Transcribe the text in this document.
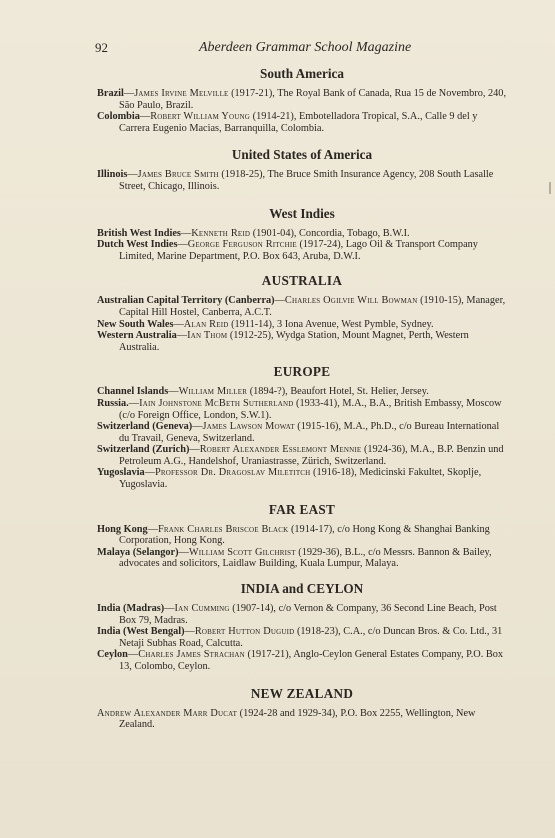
92	Aberdeen Grammar School Magazine
South America
Brazil—James Irvine Melville (1917-21), The Royal Bank of Canada, Rua 15 de Novembro, 240, São Paulo, Brazil.
Colombia—Robert William Young (1914-21), Embotelladora Tropical, S.A., Calle 9 del y Carrera Eugenio Macias, Barranquilla, Colombia.
United States of America
Illinois—James Bruce Smith (1918-25), The Bruce Smith Insurance Agency, 208 South Lasalle Street, Chicago, Illinois.
West Indies
British West Indies—Kenneth Reid (1901-04), Concordia, Tobago, B.W.I.
Dutch West Indies—George Ferguson Ritchie (1917-24), Lago Oil & Transport Company Limited, Marine Department, P.O. Box 643, Aruba, D.W.I.
AUSTRALIA
Australian Capital Territory (Canberra)—Charles Ogilvie Will Bowman (1910-15), Manager, Capital Hill Hostel, Canberra, A.C.T.
New South Wales—Alan Reid (1911-14), 3 Iona Avenue, West Pymble, Sydney.
Western Australia—Ian Thom (1912-25), Wydga Station, Mount Magnet, Perth, Western Australia.
EUROPE
Channel Islands—William Miller (1894-?), Beaufort Hotel, St. Helier, Jersey.
Russia.—Iain Johnstone McBeth Sutherland (1933-41), M.A., B.A., British Embassy, Moscow (c/o Foreign Office, London, S.W.1).
Switzerland (Geneva)—James Lawson Mowat (1915-16), M.A., Ph.D., c/o Bureau International du Travail, Geneva, Switzerland.
Switzerland (Zurich)—Robert Alexander Esslemont Mennie (1924-36), M.A., B.P. Benzin und Petroleum A.G., Handelshof, Uraniastrasse, Zürich, Switzerland.
Yugoslavia—Professor Dr. Dragoslav Miletitch (1916-18), Medicinski Fakultet, Skoplje, Yugoslavia.
FAR EAST
Hong Kong—Frank Charles Briscoe Black (1914-17), c/o Hong Kong & Shanghai Banking Corporation, Hong Kong.
Malaya (Selangor)—William Scott Gilchrist (1929-36), B.L., c/o Messrs. Bannon & Bailey, advocates and solicitors, Laidlaw Building, Kuala Lumpur, Malaya.
INDIA and CEYLON
India (Madras)—Ian Cumming (1907-14), c/o Vernon & Company, 36 Second Line Beach, Post Box 79, Madras.
India (West Bengal)—Robert Hutton Duguid (1918-23), C.A., c/o Duncan Bros. & Co. Ltd., 31 Netaji Subhas Road, Calcutta.
Ceylon—Charles James Strachan (1917-21), Anglo-Ceylon General Estates Company, P.O. Box 13, Colombo, Ceylon.
NEW ZEALAND
Andrew Alexander Marr Ducat (1924-28 and 1929-34), P.O. Box 2255, Wellington, New Zealand.
